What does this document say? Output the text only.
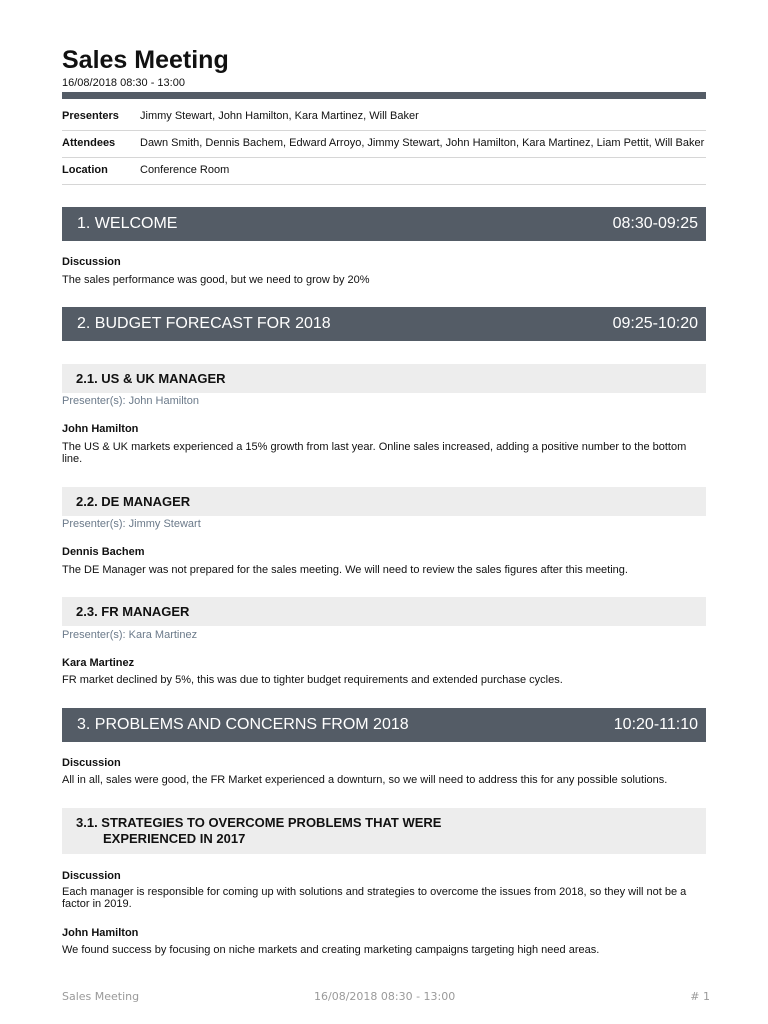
Sales Meeting
16/08/2018 08:30 - 13:00
Presenters	Jimmy Stewart, John Hamilton, Kara Martinez, Will Baker
Attendees	Dawn Smith, Dennis Bachem, Edward Arroyo, Jimmy Stewart, John Hamilton, Kara Martinez, Liam Pettit, Will Baker
Location	Conference Room
1. WELCOME	08:30-09:25
Discussion
The sales performance was good, but we need to grow by 20%
2. BUDGET FORECAST FOR 2018	09:25-10:20
2.1. US & UK MANAGER
Presenter(s): John Hamilton
John Hamilton
The US & UK markets experienced a 15% growth from last year. Online sales increased, adding a positive number to the bottom line.
2.2. DE MANAGER
Presenter(s): Jimmy Stewart
Dennis Bachem
The DE Manager was not prepared for the sales meeting. We will need to review the sales figures after this meeting.
2.3. FR MANAGER
Presenter(s): Kara Martinez
Kara Martinez
FR market declined by 5%, this was due to tighter budget requirements and extended purchase cycles.
3. PROBLEMS AND CONCERNS FROM 2018	10:20-11:10
Discussion
All in all, sales were good, the FR Market experienced a downturn, so we will need to address this for any possible solutions.
3.1. STRATEGIES TO OVERCOME PROBLEMS THAT WERE
EXPERIENCED IN 2017
Discussion
Each manager is responsible for coming up with solutions and strategies to overcome the issues from 2018, so they will not be a factor in 2019.
John Hamilton
We found success by focusing on niche markets and creating marketing campaigns targeting high need areas.
Sales Meeting	16/08/2018 08:30 - 13:00	# 1
